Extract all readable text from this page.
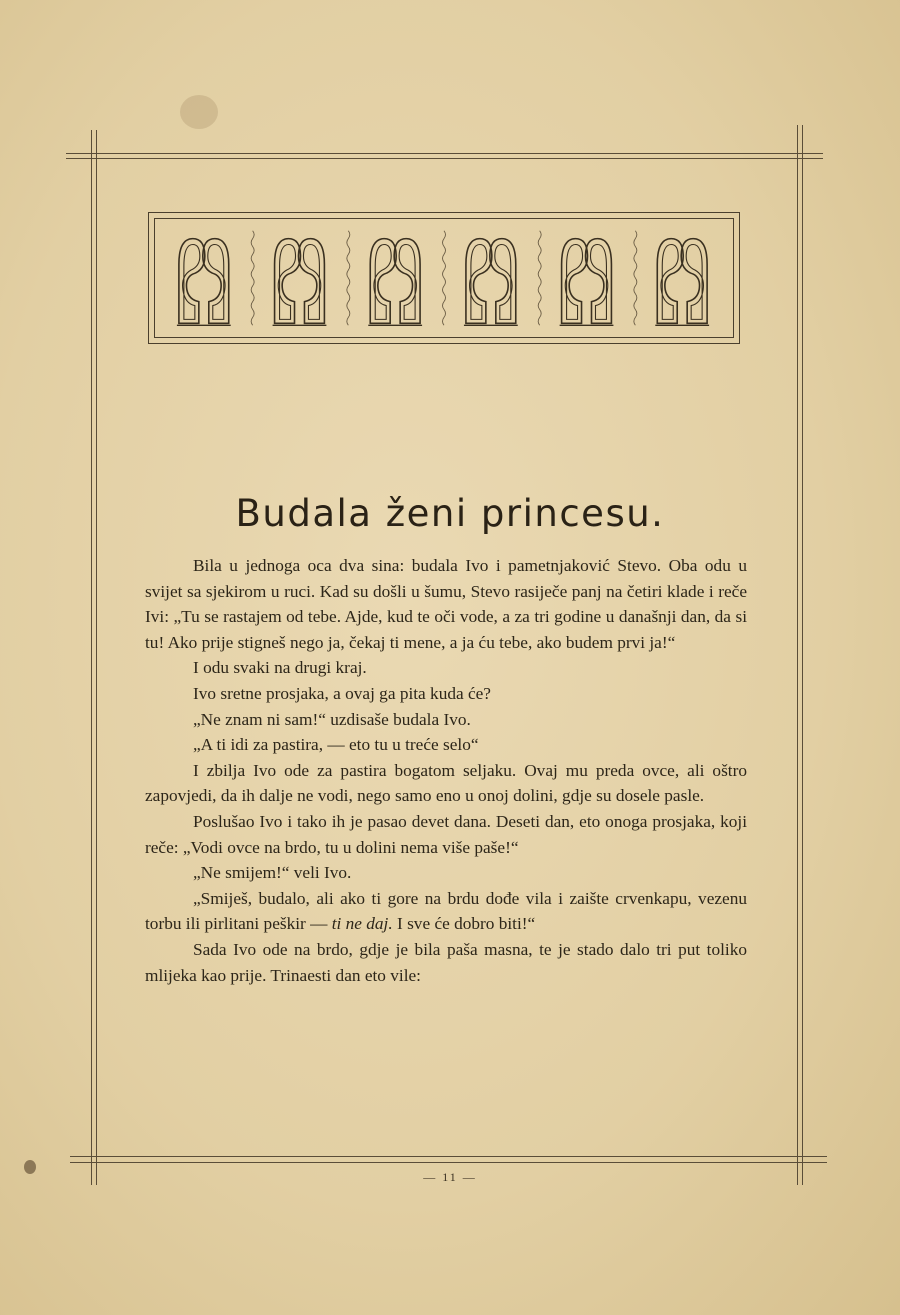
Budala ženi princesu.

Bila u jednoga oca dva sina: budala Ivo i pametnjaković Stevo. Oba odu u svijet sa sjekirom u ruci. Kad su došli u šumu, Stevo rasiječe panj na četiri klade i reče Ivi: „Tu se rastajem od tebe. Ajde, kud te oči vode, a za tri godine u današnji dan, da si tu! Ako prije stigneš nego ja, čekaj ti mene, a ja ću tebe, ako budem prvi ja!“

I odu svaki na drugi kraj.

Ivo sretne prosjaka, a ovaj ga pita kuda će?

„Ne znam ni sam!“ uzdisaše budala Ivo.

„A ti idi za pastira, — eto tu u treće selo“

I zbilja Ivo ode za pastira bogatom seljaku. Ovaj mu preda ovce, ali oštro zapovjedi, da ih dalje ne vodi, nego samo eno u onoj dolini, gdje su dosele pasle.

Poslušao Ivo i tako ih je pasao devet dana. Deseti dan, eto onoga prosjaka, koji reče: „Vodi ovce na brdo, tu u dolini nema više paše!“

„Ne smijem!“ veli Ivo.

„Smiješ, budalo, ali ako ti gore na brdu dođe vila i zaište crvenkapu, vezenu torbu ili pirlitani peškir — ti ne daj. I sve će dobro biti!“

Sada Ivo ode na brdo, gdje je bila paša masna, te je stado dalo tri put toliko mlijeka kao prije. Trinaesti dan eto vile:

— 11 —
